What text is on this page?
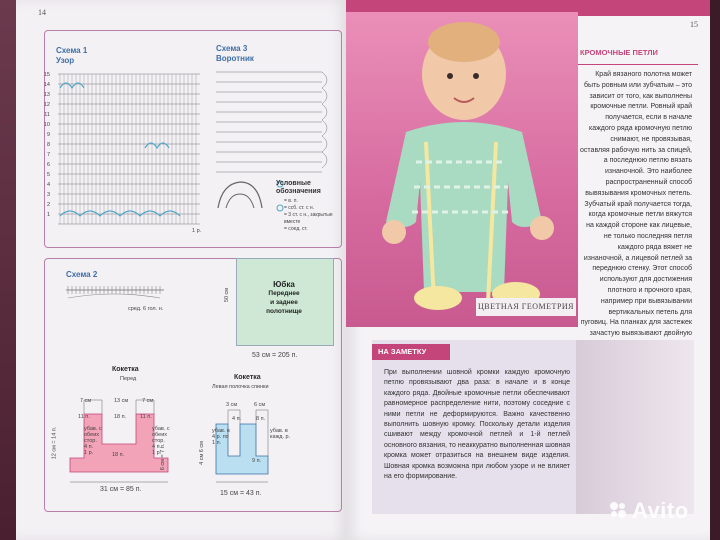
14
15
Схема 1
Узор
Схема 3
Воротник
15
14
13
12
11
10
9
8
7
6
5
4
3
2
1
1 р.
Условные обозначения
= в. п.
= ссб. ст. с н.
= 3 ст. с н., закрытые вместе
= соед. ст.
Схема 2
сред. 6 гол. н.
Юбка
Переднее
и заднее
полотнище
50 см
53 см = 205 п.
Кокетка
Перед
7 см	13 см	7 см
11 п.	18 п.	11 п.
18 п.
убав. с обеих стор.
4 п.
1 р.
убав. с обеих стор.
4 п.
1 р.
12 см = 14 п.	6 см = 7 п.
31 см = 85 п.
Кокетка
Левая полочка спинки
3 см	6 см
4 п.	8 п.
9 п.
убав. в 4 р. по 1 п.
убав. в кажд. р.
4 см 6 см
15 см = 43 п.
ЦВЕТНАЯ ГЕОМЕТРИЯ
КРОМОЧНЫЕ ПЕТЛИ
Край вязаного полотна может быть ровным или зубчатым – это зависит от того, как выполнены кромочные петли. Ровный край получается, если в начале каждого ряда кромочную петлю снимают, не провязывая, оставляя рабочую нить за спицей, а последнюю петлю вязать изнаночной. Это наиболее распространенный способ вывязывания кромочных петель. Зубчатый край получается тогда, когда кромочные петли вяжутся на каждой стороне как лицевые, не только последняя петля каждого ряда вяжет не изнаночной, а лицевой петлей за переднюю стенку. Этот способ используют для достижения плотного и прочного края, например при вывязывании вертикальных петель для пуговиц. На планках для застежек зачастую вывязывают двойную
НА ЗАМЕТКУ
При выполнении шовной кромки каждую кромочную петлю провязывают два раза: в начале и в конце каждого ряда. Двойные кромочные петли обеспечивают равномерное распределение нити, поэтому соседние с ними петли не деформируются. Важно качественно выполнить шовную кромку. Поскольку детали изделия сшивают между кромочной петлей и 1-й петлей основного вязания, то неаккуратно выполненная шовная кромка может отразиться на внешнем виде изделия. Шовная кромка возможна при любом узоре и не влияет на его формирование.
Avito
